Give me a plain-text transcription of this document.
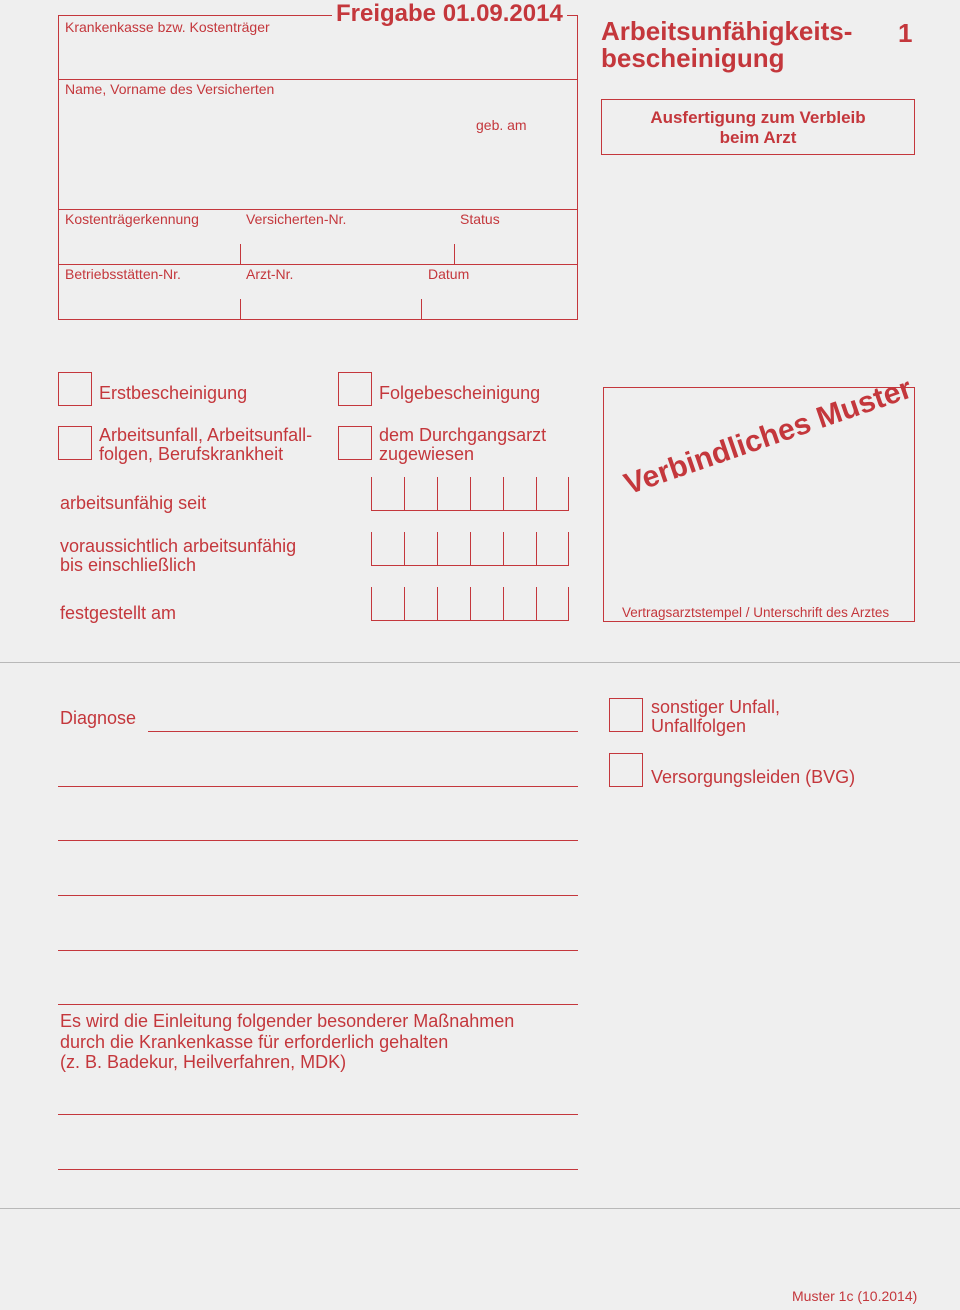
Krankenkasse bzw. Kostenträger	Freigabe 01.09.2014
Name, Vorname des Versicherten
geb. am
Kostenträgerkennung	Versicherten-Nr.	Status
Betriebsstätten-Nr.	Arzt-Nr.	Datum
Arbeitsunfähigkeits-
bescheinigung
1
Ausfertigung zum Verbleib
beim Arzt
Erstbescheinigung	Folgebescheinigung
Arbeitsunfall, Arbeitsunfall-
folgen, Berufskrankheit
dem Durchgangsarzt
zugewiesen
arbeitsunfähig seit
voraussichtlich arbeitsunfähig
bis einschließlich
festgestellt am
Verbindliches Muster
Vertragsarztstempel / Unterschrift des Arztes
Diagnose
sonstiger Unfall,
Unfallfolgen
Versorgungsleiden (BVG)
Es wird die Einleitung folgender besonderer Maßnahmen
durch die Krankenkasse für erforderlich gehalten
(z. B. Badekur, Heilverfahren, MDK)
Muster 1c (10.2014)
